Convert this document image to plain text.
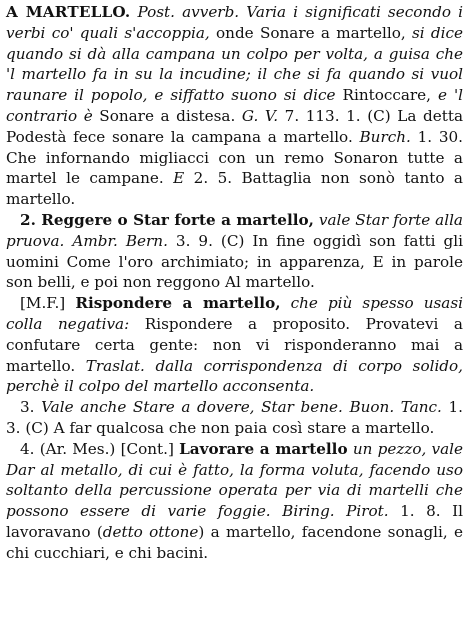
A MARTELLO. Post. avverb. Varia i significati secondo i verbi co' quali s'accoppia, onde Sonare a martello, si dice quando si dà alla campana un colpo per volta, a guisa che 'l martello fa in su la incudine; il che si fa quando si vuol raunare il popolo, e siffatto suono si dice Rintoccare, e 'l contrario è Sonare a distesa. G. V. 7. 113. 1. (C) La detta Podestà fece sonare la campana a martello. Burch. 1. 30. Che infornando migliacci con un remo Sonaron tutte a martel le campane. E 2. 5. Battaglia non sonò tanto a martello.

2. Reggere o Star forte a martello, vale Star forte alla pruova. Ambr. Bern. 3. 9. (C) In fine oggidì son fatti gli uomini Come l'oro archimiato; in apparenza, E in parole son belli, e poi non reggono Al martello.

[M.F.] Rispondere a martello, che più spesso usasi colla negativa: Rispondere a proposito. Provatevi a confutare certa gente: non vi risponderanno mai a martello. Traslat. dalla corrispondenza di corpo solido, perchè il colpo del martello acconsenta.

3. Vale anche Stare a dovere, Star bene. Buon. Tanc. 1. 3. (C) A far qualcosa che non paia così stare a martello.

4. (Ar. Mes.) [Cont.] Lavorare a martello un pezzo, vale Dar al metallo, di cui è fatto, la forma voluta, facendo uso soltanto della percussione operata per via di martelli che possono essere di varie foggie. Biring. Pirot. 1. 8. Il lavoravano (detto ottone) a martello, facendone sonagli, e chi cucchiari, e chi bacini.
